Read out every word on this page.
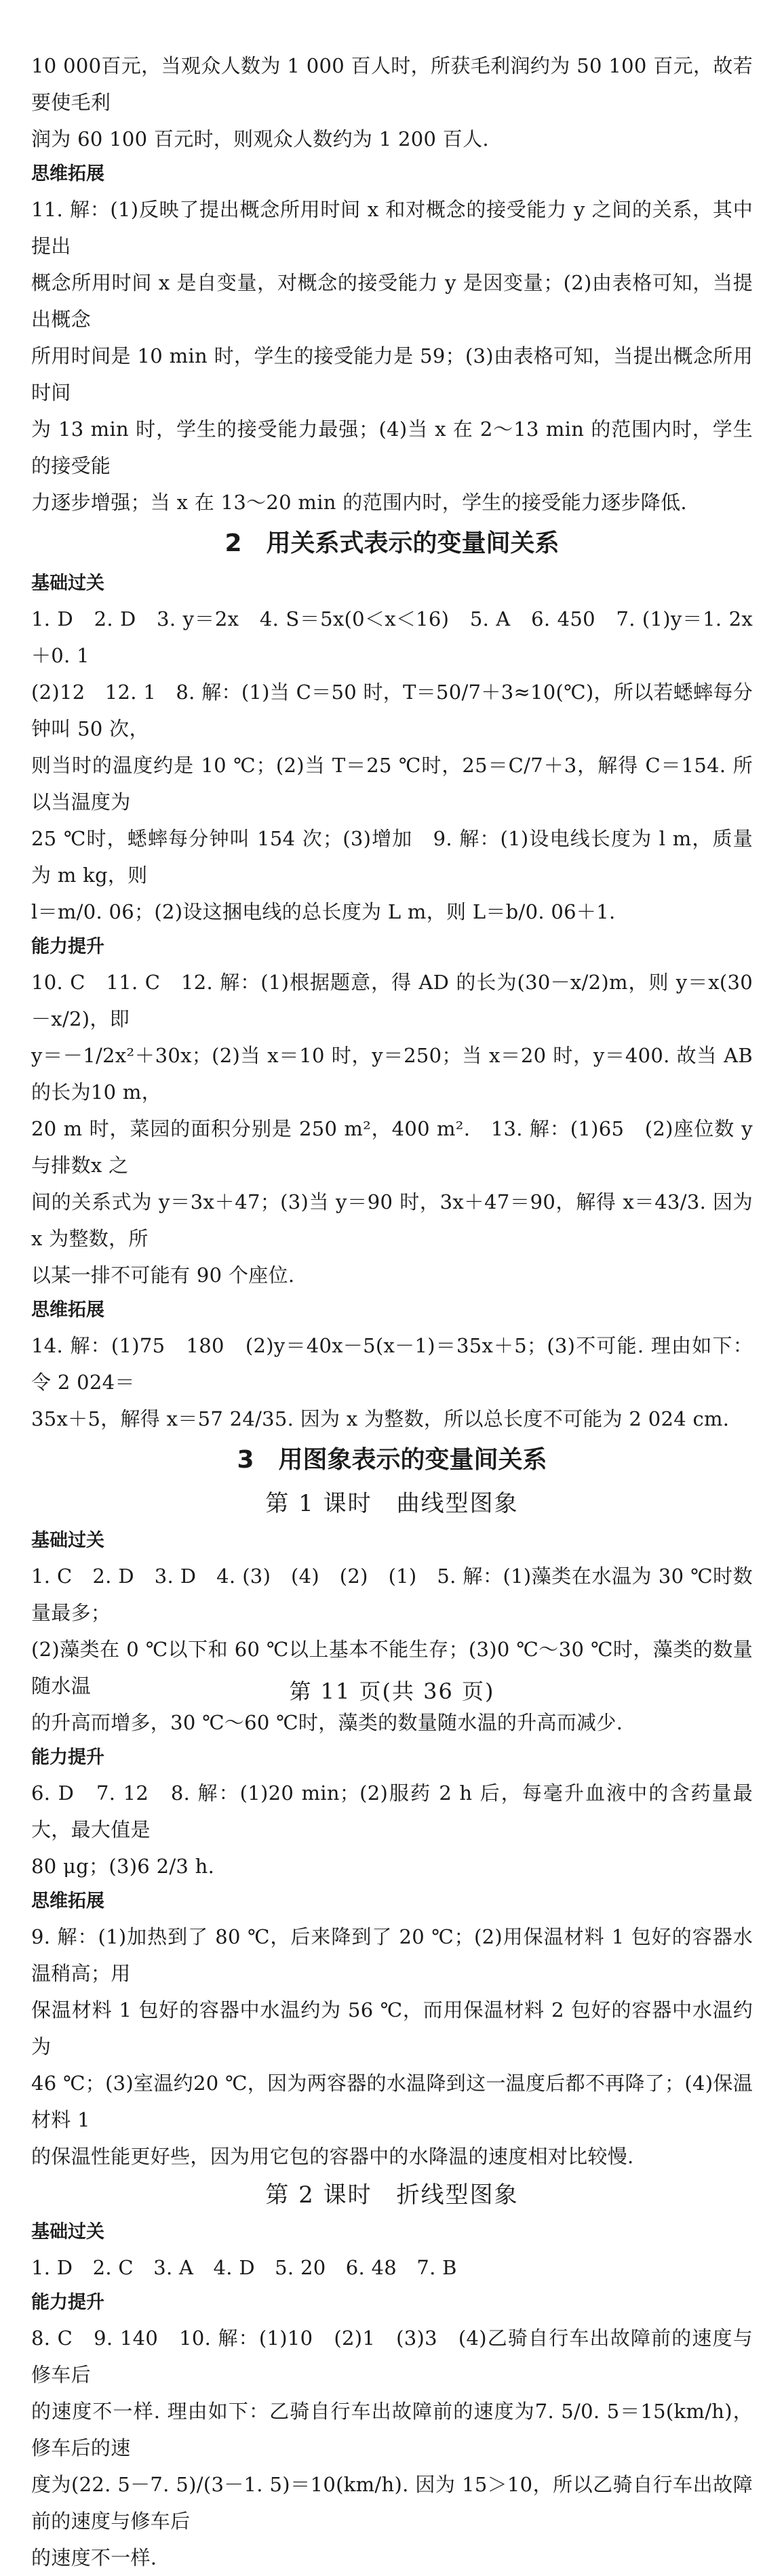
10 000百元，当观众人数为 1 000 百人时，所获毛利润约为 50 100 百元，故若要使毛利

润为 60 100 百元时，则观众人数约为 1 200 百人.

思维拓展

11. 解：(1)反映了提出概念所用时间 x 和对概念的接受能力 y 之间的关系，其中提出

概念所用时间 x 是自变量，对概念的接受能力 y 是因变量；(2)由表格可知，当提出概念

所用时间是 10 min 时，学生的接受能力是 59；(3)由表格可知，当提出概念所用时间

为 13 min 时，学生的接受能力最强；(4)当 x 在 2～13 min 的范围内时，学生的接受能

力逐步增强；当 x 在 13～20 min 的范围内时，学生的接受能力逐步降低.

2　用关系式表示的变量间关系
基础过关

1. D　2. D　3. y＝2x　4. S＝5x(0＜x＜16)　5. A　6. 450　7. (1)y＝1. 2x＋0. 1

(2)12　12. 1　8. 解：(1)当 C＝50 时，T＝50/7＋3≈10(℃)，所以若蟋蟀每分钟叫 50 次，

则当时的温度约是 10 ℃；(2)当 T＝25 ℃时，25＝C/7＋3，解得 C＝154. 所以当温度为

25 ℃时，蟋蟀每分钟叫 154 次；(3)增加　9. 解：(1)设电线长度为 l m，质量为 m kg，则

l＝m/0. 06；(2)设这捆电线的总长度为 L m，则 L＝b/0. 06＋1.

能力提升

10. C　11. C　12. 解：(1)根据题意，得 AD 的长为(30－x/2)m，则 y＝x(30－x/2)，即

y＝－1/2x²＋30x；(2)当 x＝10 时，y＝250；当 x＝20 时，y＝400. 故当 AB 的长为10 m，

20 m 时，菜园的面积分别是 250 m²，400 m².　13. 解：(1)65　(2)座位数 y 与排数x 之

间的关系式为 y＝3x＋47；(3)当 y＝90 时，3x＋47＝90，解得 x＝43/3. 因为 x 为整数，所

以某一排不可能有 90 个座位.

思维拓展

14. 解：(1)75　180　(2)y＝40x－5(x－1)＝35x＋5；(3)不可能. 理由如下：令 2 024＝

35x＋5，解得 x＝57 24/35. 因为 x 为整数，所以总长度不可能为 2 024 cm.

3　用图象表示的变量间关系
第 1 课时　曲线型图象
基础过关

1. C　2. D　3. D　4. (3)　(4)　(2)　(1)　5. 解：(1)藻类在水温为 30 ℃时数量最多；

(2)藻类在 0 ℃以下和 60 ℃以上基本不能生存；(3)0 ℃～30 ℃时，藻类的数量随水温

的升高而增多，30 ℃～60 ℃时，藻类的数量随水温的升高而减少.

能力提升

6. D　7. 12　8. 解：(1)20 min；(2)服药 2 h 后，每毫升血液中的含药量最大，最大值是

80 μg；(3)6 2/3 h.

思维拓展

9. 解：(1)加热到了 80 ℃，后来降到了 20 ℃；(2)用保温材料 1 包好的容器水温稍高；用

保温材料 1 包好的容器中水温约为 56 ℃，而用保温材料 2 包好的容器中水温约为

46 ℃；(3)室温约20 ℃，因为两容器的水温降到这一温度后都不再降了；(4)保温材料 1

的保温性能更好些，因为用它包的容器中的水降温的速度相对比较慢.

第 2 课时　折线型图象
基础过关

1. D　2. C　3. A　4. D　5. 20　6. 48　7. B

能力提升

8. C　9. 140　10. 解：(1)10　(2)1　(3)3　(4)乙骑自行车出故障前的速度与修车后

的速度不一样. 理由如下：乙骑自行车出故障前的速度为7. 5/0. 5＝15(km/h)，修车后的速

度为(22. 5－7. 5)/(3－1. 5)＝10(km/h). 因为 15＞10，所以乙骑自行车出故障前的速度与修车后

的速度不一样.

第 11 页(共 36 页)
